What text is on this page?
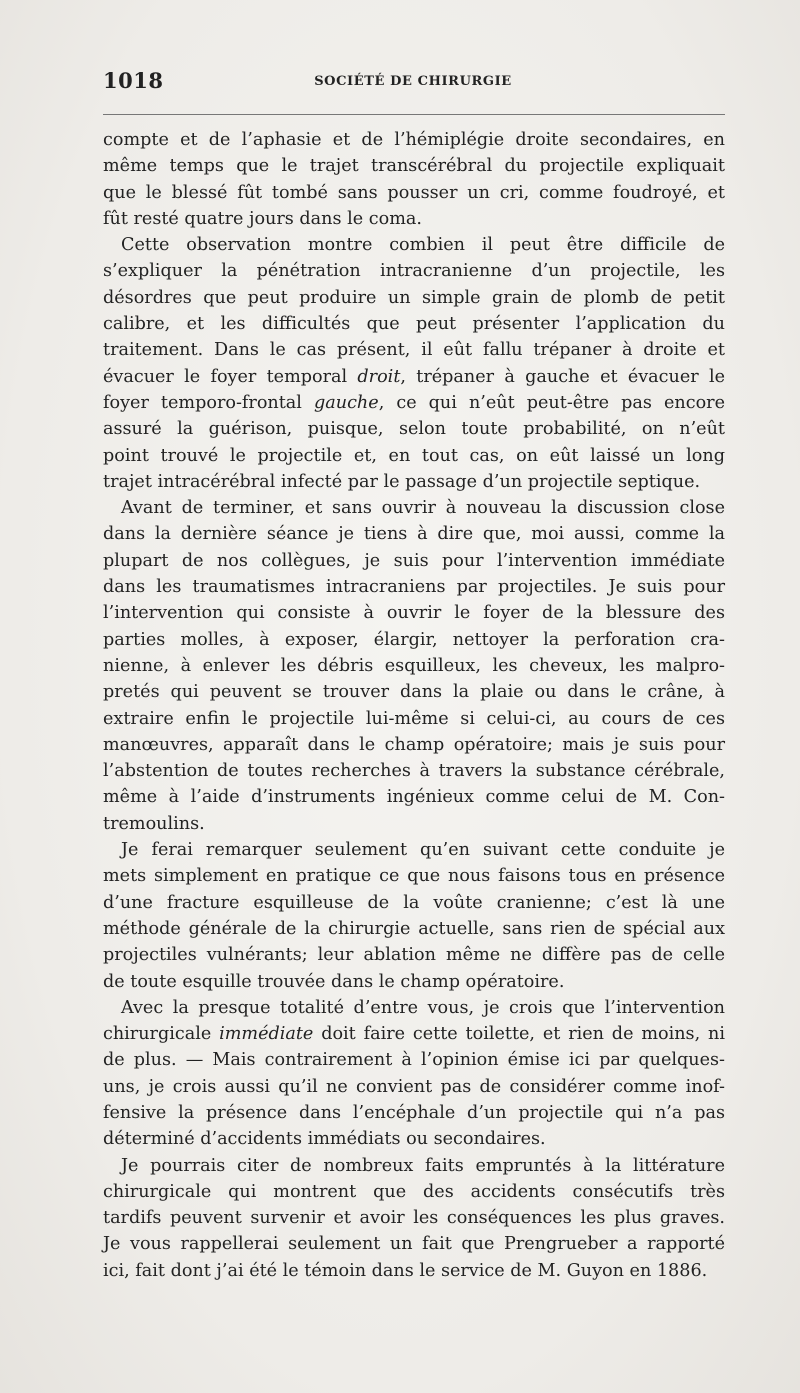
1018	SOCIÉTÉ DE CHIRURGIE

compte et de l’aphasie et de l’hémiplégie droite secondaires, en
même temps que le trajet transcérébral du projectile expliquait
que le blessé fût tombé sans pousser un cri, comme foudroyé, et
fût resté quatre jours dans le coma.

Cette observation montre combien il peut être difficile de
s’expliquer la pénétration intracranienne d’un projectile, les
désordres que peut produire un simple grain de plomb de petit
calibre, et les difficultés que peut présenter l’application du
traitement. Dans le cas présent, il eût fallu trépaner à droite et
évacuer le foyer temporal droit, trépaner à gauche et évacuer le
foyer temporo-frontal gauche, ce qui n’eût peut-être pas encore
assuré la guérison, puisque, selon toute probabilité, on n’eût
point trouvé le projectile et, en tout cas, on eût laissé un long
trajet intracérébral infecté par le passage d’un projectile septique.

Avant de terminer, et sans ouvrir à nouveau la discussion close
dans la dernière séance je tiens à dire que, moi aussi, comme la
plupart de nos collègues, je suis pour l’intervention immédiate
dans les traumatismes intracraniens par projectiles. Je suis pour
l’intervention qui consiste à ouvrir le foyer de la blessure des
parties molles, à exposer, élargir, nettoyer la perforation cra-
nienne, à enlever les débris esquilleux, les cheveux, les malpro-
pretés qui peuvent se trouver dans la plaie ou dans le crâne, à
extraire enfin le projectile lui-même si celui-ci, au cours de ces
manœuvres, apparaît dans le champ opératoire; mais je suis pour
l’abstention de toutes recherches à travers la substance cérébrale,
même à l’aide d’instruments ingénieux comme celui de M. Con-
tremoulins.

Je ferai remarquer seulement qu’en suivant cette conduite je
mets simplement en pratique ce que nous faisons tous en présence
d’une fracture esquilleuse de la voûte cranienne; c’est là une
méthode générale de la chirurgie actuelle, sans rien de spécial aux
projectiles vulnérants; leur ablation même ne diffère pas de celle
de toute esquille trouvée dans le champ opératoire.

Avec la presque totalité d’entre vous, je crois que l’intervention
chirurgicale immédiate doit faire cette toilette, et rien de moins, ni
de plus. — Mais contrairement à l’opinion émise ici par quelques-
uns, je crois aussi qu’il ne convient pas de considérer comme inof-
fensive la présence dans l’encéphale d’un projectile qui n’a pas
déterminé d’accidents immédiats ou secondaires.

Je pourrais citer de nombreux faits empruntés à la littérature
chirurgicale qui montrent que des accidents consécutifs très
tardifs peuvent survenir et avoir les conséquences les plus graves.
Je vous rappellerai seulement un fait que Prengrueber a rapporté
ici, fait dont j’ai été le témoin dans le service de M. Guyon en 1886.
